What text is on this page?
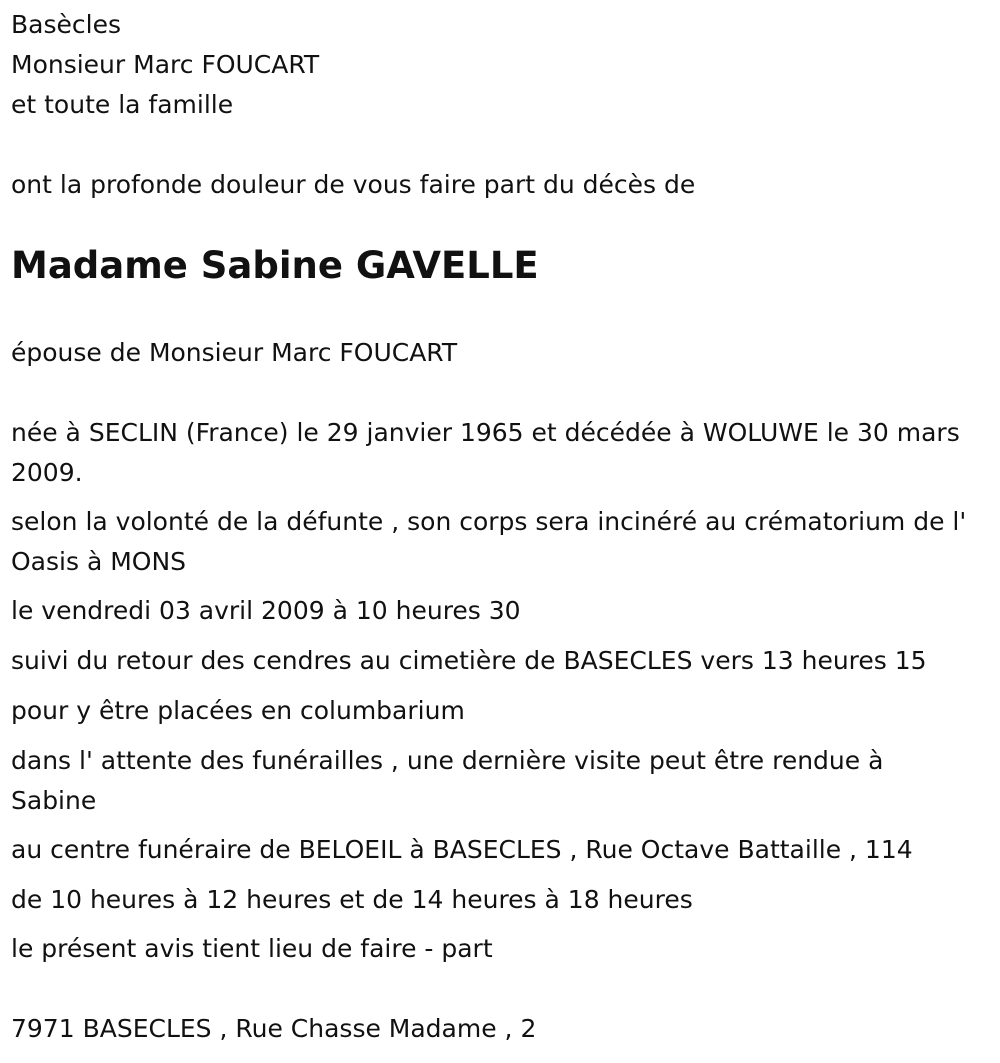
Basècles

Monsieur Marc FOUCART

et toute la famille

ont la profonde douleur de vous faire part du décès de

Madame Sabine GAVELLE

épouse de Monsieur Marc FOUCART

née à SECLIN (France) le 29 janvier 1965 et décédée à WOLUWE le 30 mars 2009.

selon la volonté de la défunte , son corps sera incinéré au crématorium de l' Oasis à MONS

le vendredi 03 avril 2009 à 10 heures 30

suivi du retour des cendres au cimetière de BASECLES vers 13 heures 15

pour y être placées en columbarium

dans l' attente des funérailles , une dernière visite peut être rendue à Sabine

au centre funéraire de BELOEIL à BASECLES , Rue Octave Battaille , 114

de 10 heures à 12 heures et de 14 heures à 18 heures

le présent avis tient lieu de faire - part

7971 BASECLES , Rue Chasse Madame , 2
